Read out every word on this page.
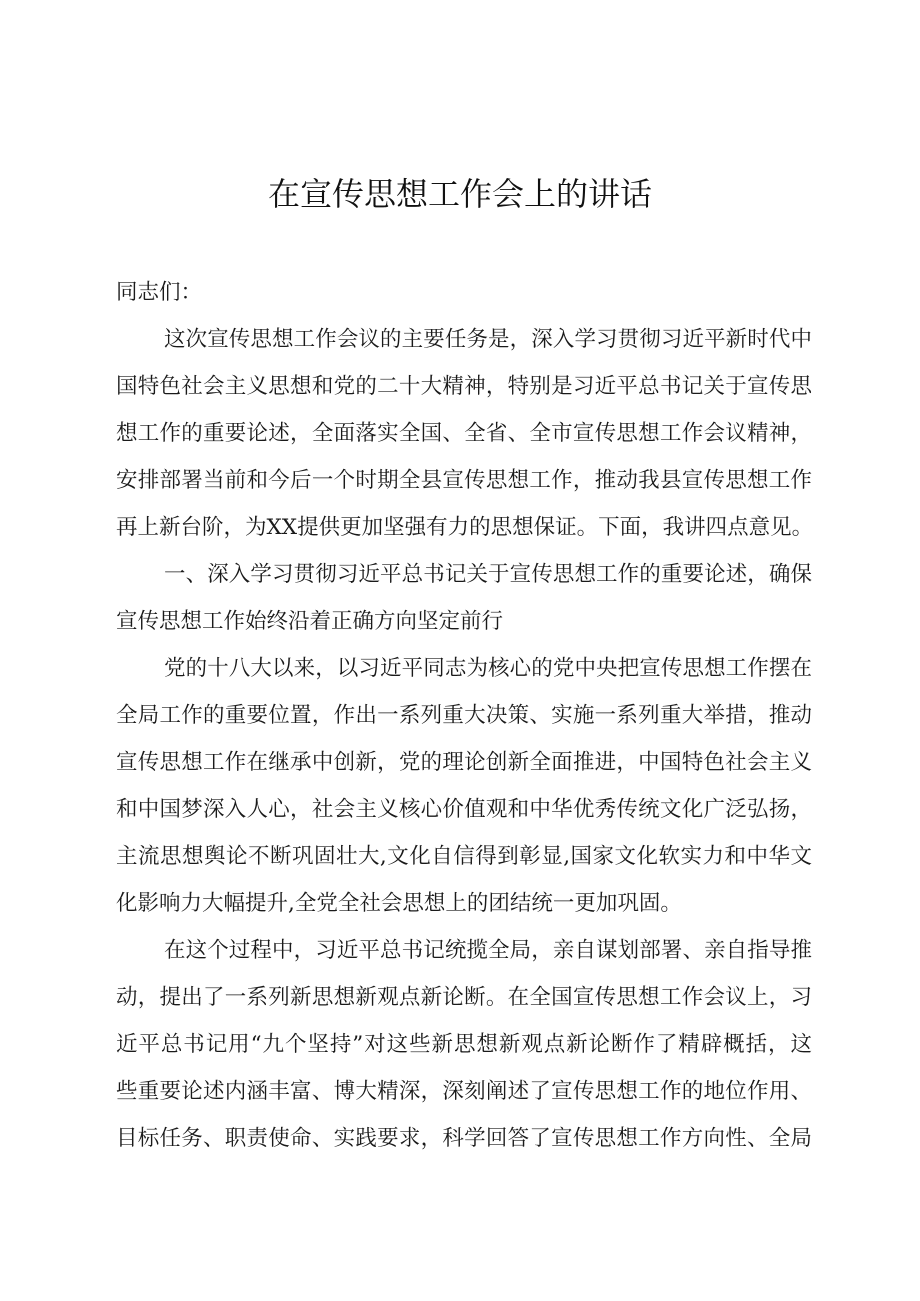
在宣传思想工作会上的讲话
同志们：
这次宣传思想工作会议的主要任务是，深入学习贯彻习近平新时代中
国特色社会主义思想和党的二十大精神，特别是习近平总书记关于宣传思
想工作的重要论述，全面落实全国、全省、全市宣传思想工作会议精神，
安排部署当前和今后一个时期全县宣传思想工作，推动我县宣传思想工作
再上新台阶，为XX提供更加坚强有力的思想保证。下面，我讲四点意见。
一、深入学习贯彻习近平总书记关于宣传思想工作的重要论述，确保
宣传思想工作始终沿着正确方向坚定前行
党的十八大以来，以习近平同志为核心的党中央把宣传思想工作摆在
全局工作的重要位置，作出一系列重大决策、实施一系列重大举措，推动
宣传思想工作在继承中创新，党的理论创新全面推进，中国特色社会主义
和中国梦深入人心，社会主义核心价值观和中华优秀传统文化广泛弘扬，
主流思想舆论不断巩固壮大,文化自信得到彰显,国家文化软实力和中华文
化影响力大幅提升,全党全社会思想上的团结统一更加巩固。
在这个过程中，习近平总书记统揽全局，亲自谋划部署、亲自指导推
动，提出了一系列新思想新观点新论断。在全国宣传思想工作会议上，习
近平总书记用“九个坚持”对这些新思想新观点新论断作了精辟概括，这
些重要论述内涵丰富、博大精深，深刻阐述了宣传思想工作的地位作用、
目标任务、职责使命、实践要求，科学回答了宣传思想工作方向性、全局
